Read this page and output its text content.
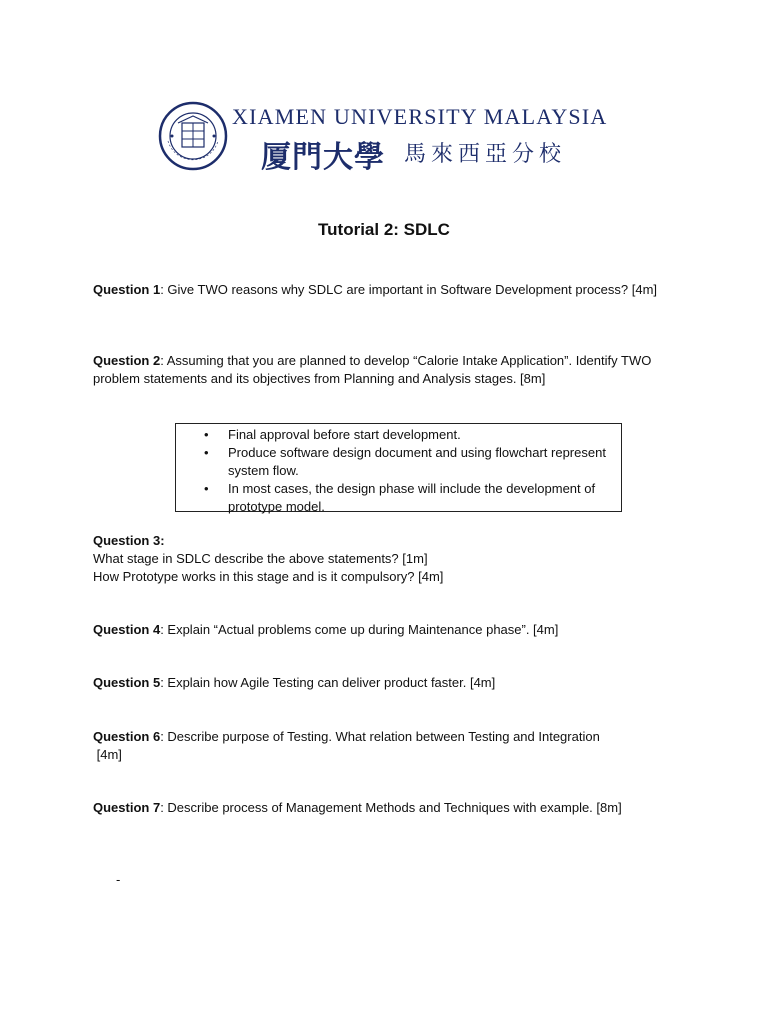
XIAMEN UNIVERSITY MALAYSIA
厦門大學 馬來西亞分校
Tutorial 2: SDLC
Question 1: Give TWO reasons why SDLC are important in Software Development process? [4m]
Question 2: Assuming that you are planned to develop “Calorie Intake Application”. Identify TWO problem statements and its objectives from Planning and Analysis stages. [8m]
• Final approval before start development.
• Produce software design document and using flowchart represent system flow.
• In most cases, the design phase will include the development of prototype model.
Question 3:
What stage in SDLC describe the above statements? [1m]
How Prototype works in this stage and is it compulsory? [4m]
Question 4: Explain “Actual problems come up during Maintenance phase”. [4m]
Question 5: Explain how Agile Testing can deliver product faster. [4m]
Question 6: Describe purpose of Testing. What relation between Testing and Integration
[4m]
Question 7: Describe process of Management Methods and Techniques with example. [8m]
-
